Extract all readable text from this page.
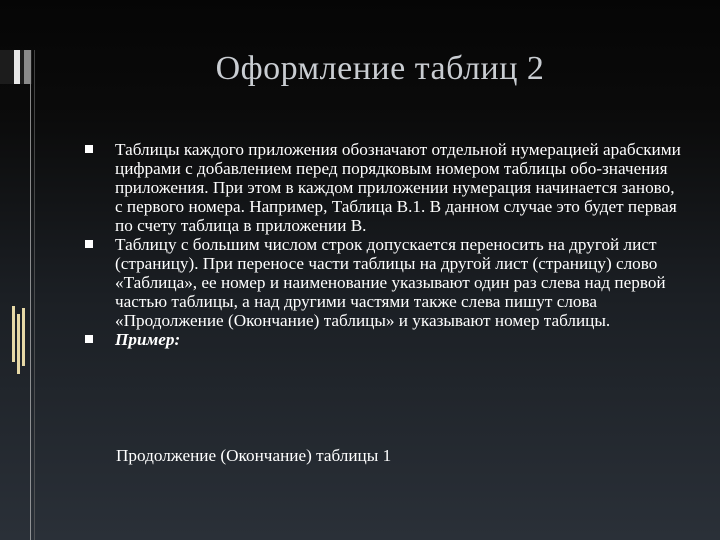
Оформление таблиц 2
Таблицы каждого приложения обозначают отдельной нумерацией арабскими цифрами с добавлением перед порядковым номером таблицы обо-значения приложения. При этом в каждом приложении нумерация начинается заново, с первого номера. Например, Таблица В.1. В данном случае это будет первая по счету таблица в приложении В.
Таблицу с большим числом строк допускается переносить на другой лист (страницу). При переносе части таблицы на другой лист (страницу) слово «Таблица», ее номер и наименование указывают один раз слева над первой частью таблицы, а над другими частями также слева пишут слова «Продолжение (Окончание) таблицы» и указывают номер таблицы.
Пример:
Продолжение (Окончание) таблицы 1
